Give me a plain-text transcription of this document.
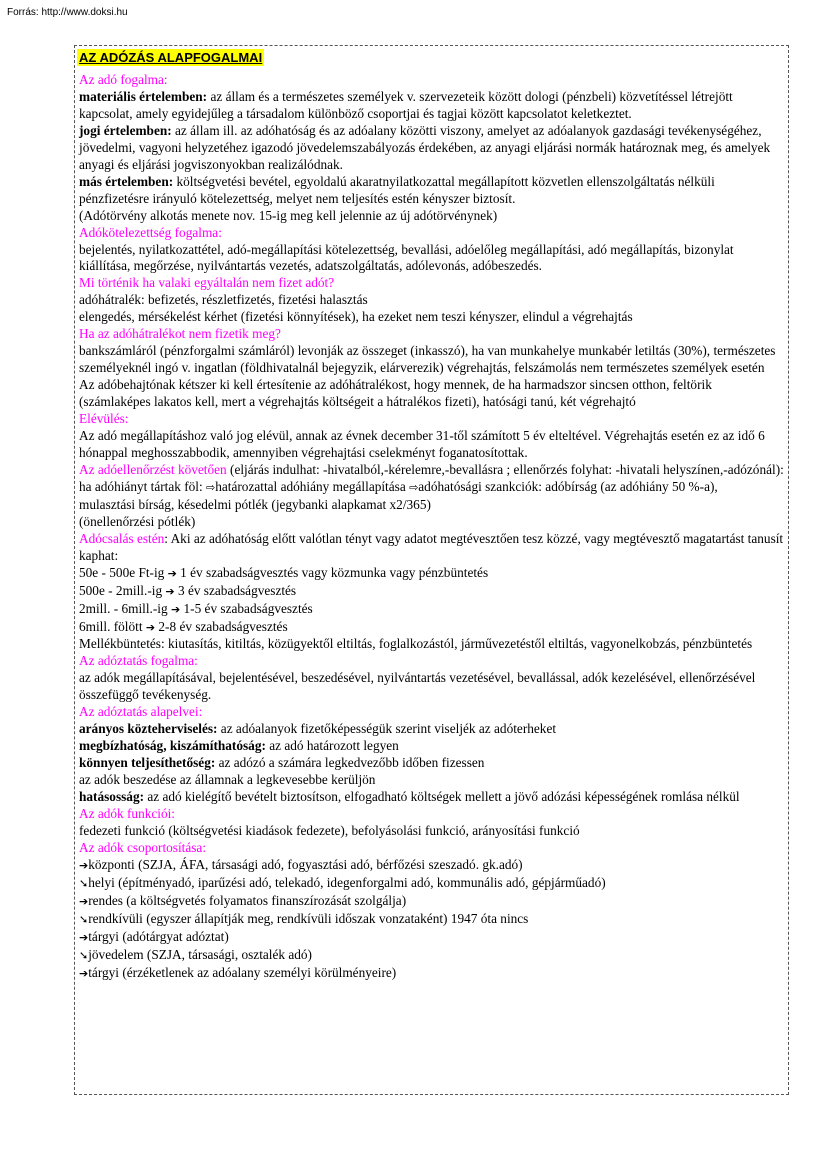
Forrás: http://www.doksi.hu
AZ ADÓZÁS ALAPFOGALMAI
Az adó fogalma:
materiális értelemben: az állam és a természetes személyek v. szervezeteik között dologi (pénzbeli) közvetítéssel létrejött kapcsolat, amely egyidejűleg a társadalom különböző csoportjai és tagjai között kapcsolatot keletkeztet.
jogi értelemben: az állam ill. az adóhatóság és az adóalany közötti viszony, amelyet az adóalanyok gazdasági tevékenységéhez, jövedelmi, vagyoni helyzetéhez igazodó jövedelemszabályozás érdekében, az anyagi eljárási normák határoznak meg, és amelyek anyagi és eljárási jogviszonyokban realizálódnak.
más értelemben: költségvetési bevétel, egyoldalú akaratnyilatkozattal megállapított közvetlen ellenszolgáltatás nélküli pénzfizetésre irányuló kötelezettség, melyet nem teljesítés estén kényszer biztosít.
(Adótörvény alkotás menete nov. 15-ig meg kell jelennie az új adótörvénynek)
Adókötelezettség fogalma:
bejelentés, nyilatkozattétel, adó-megállapítási kötelezettség, bevallási, adóelőleg megállapítási, adó megállapítás, bizonylat kiállítása, megőrzése, nyilvántartás vezetés, adatszolgáltatás, adólevonás, adóbeszedés.
Mi történik ha valaki egyáltalán nem fizet adót?
adóhátralék: befizetés, részletfizetés, fizetési halasztás
elengedés, mérsékelést kérhet (fizetési könnyítések), ha ezeket nem teszi kényszer, elindul a végrehajtás
Ha az adóhátralékot nem fizetik meg?
bankszámláról (pénzforgalmi számláról) levonják az összeget (inkasszó), ha van munkahelye munkabér letiltás (30%), természetes személyeknél ingó v. ingatlan (földhivatalnál bejegyzik, elárverezik) végrehajtás, felszámolás nem természetes személyek esetén
Az adóbehajtónak kétszer ki kell értesítenie az adóhátralékost, hogy mennek, de ha harmadszor sincsen otthon, feltörik (számlaképes lakatos kell, mert a végrehajtás költségeit a hátralékos fizeti), hatósági tanú, két végrehajtó
Elévülés:
Az adó megállapításhoz való jog elévül, annak az évnek december 31-től számított 5 év elteltével. Végrehajtás esetén ez az idő 6 hónappal meghosszabbodik, amennyiben végrehajtási cselekményt foganatosítottak.
Az adóellenőrzést követően (eljárás indulhat: -hivatalból,-kérelemre,-bevallásra ; ellenőrzés folyhat: -hivatali helyszínen,-adózónál):
ha adóhiányt tártak föl: ⇨határozattal adóhiány megállapítása ⇨adóhatósági szankciók: adóbírság (az adóhiány 50 %-a),
mulasztási bírság, késedelmi pótlék (jegybanki alapkamat x2/365)
(önellenőrzési pótlék)
Adócsalás estén: Aki az adóhatóság előtt valótlan tényt vagy adatot megtévesztően tesz közzé, vagy megtévesztő magatartást tanusít kaphat:
50e - 500e Ft-ig ➔ 1 év szabadságvesztés vagy közmunka vagy pénzbüntetés
500e - 2mill.-ig ➔ 3 év szabadságvesztés
2mill. - 6mill.-ig ➔ 1-5 év szabadságvesztés
6mill. fölött ➔ 2-8 év szabadságvesztés
Mellékbüntetés: kiutasítás, kitiltás, közügyektől eltiltás, foglalkozástól, járművezetéstől eltiltás, vagyonelkobzás, pénzbüntetés
Az adóztatás fogalma:
az adók megállapításával, bejelentésével, beszedésével, nyilvántartás vezetésével, bevallással, adók kezelésével, ellenőrzésével összefüggő tevékenység.
Az adóztatás alapelvei:
arányos közteherviselés: az adóalanyok fizetőképességük szerint viseljék az adóterheket
megbízhatóság, kiszámíthatóság: az adó határozott legyen
könnyen teljesíthetőség: az adózó a számára legkedvezőbb időben fizessen
az adók beszedése az államnak a legkevesebbe kerüljön
hatásosság: az adó kielégítő bevételt biztosítson, elfogadható költségek mellett a jövő adózási képességének romlása nélkül
Az adók funkciói:
fedezeti funkció (költségvetési kiadások fedezete), befolyásolási funkció, arányosítási funkció
Az adók csoportosítása:
➔központi (SZJA, ÁFA, társasági adó, fogyasztási adó, bérfőzési szeszadó. gk.adó)
➘helyi (építményadó, iparűzési adó, telekadó, idegenforgalmi adó, kommunális adó, gépjárműadó)
➔rendes (a költségvetés folyamatos finanszírozását szolgálja)
➘rendkívüli (egyszer állapítják meg, rendkívüli időszak vonzataként) 1947 óta nincs
➔tárgyi (adótárgyat adóztat)
➘jövedelem (SZJA, társasági, osztalék adó)
➔tárgyi (érzéketlenek az adóalany személyi körülményeire)
